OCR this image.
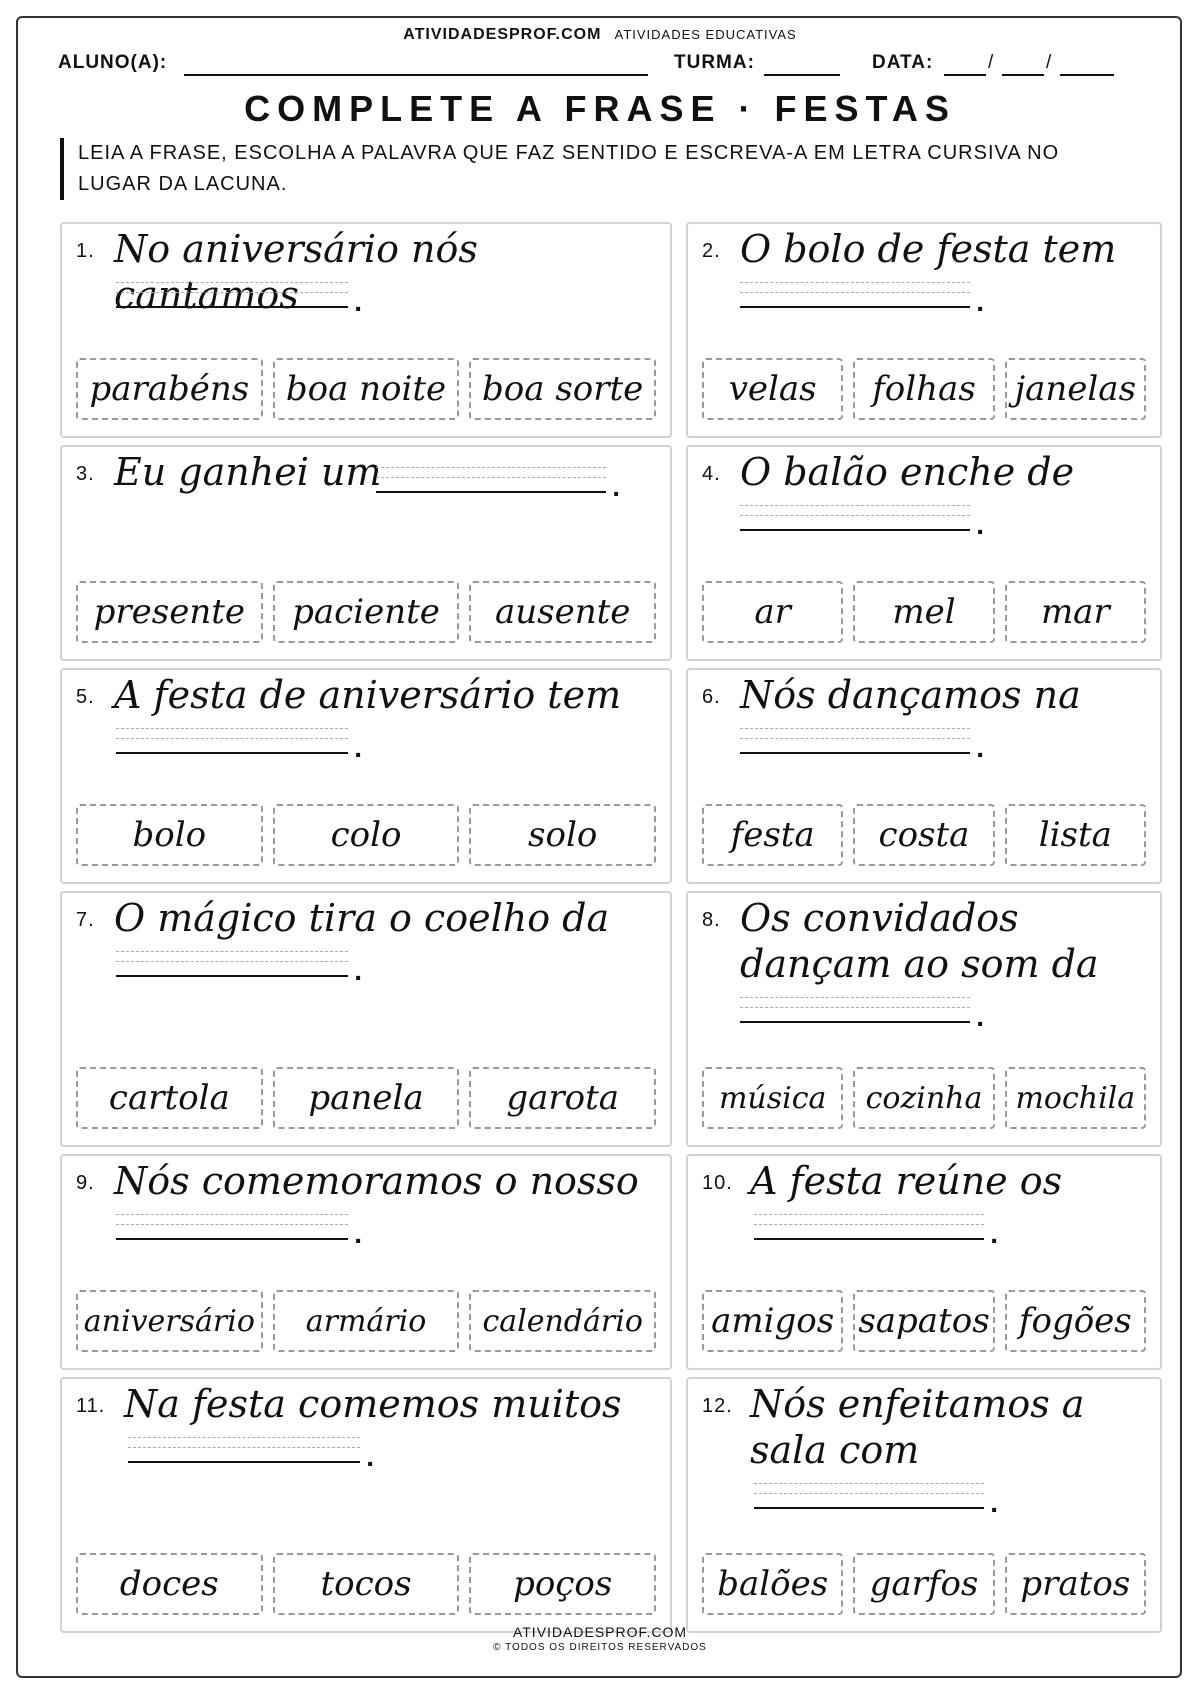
ATIVIDADESPROF.COM ATIVIDADES EDUCATIVAS
ALUNO(A):	TURMA:	DATA:	/	/
COMPLETE A FRASE · FESTAS
LEIA A FRASE, ESCOLHA A PALAVRA QUE FAZ SENTIDO E ESCREVA-A EM LETRA CURSIVA NO LUGAR DA LACUNA.
1. No aniversário nós cantamos	.
parabéns	boa noite	boa sorte
2. O bolo de festa tem
.
velas	folhas	janelas
3. Eu ganhei um	.
presente	paciente	ausente
4. O balão enche de
.
ar	mel	mar
5. A festa de aniversário tem
.
bolo	colo	solo
6. Nós dançamos na
.
festa	costa	lista
7. O mágico tira o coelho da
.
cartola	panela	garota
8. Os convidados dançam ao som da
.
música	cozinha	mochila
9. Nós comemoramos o nosso
.
aniversário	armário	calendário
10. A festa reúne os
.
amigos sapatos fogões
11. Na festa comemos muitos
.
doces	tocos	poços
12. Nós enfeitamos a sala com
.
balões	garfos	pratos
ATIVIDADESPROF.COM
© TODOS OS DIREITOS RESERVADOS
